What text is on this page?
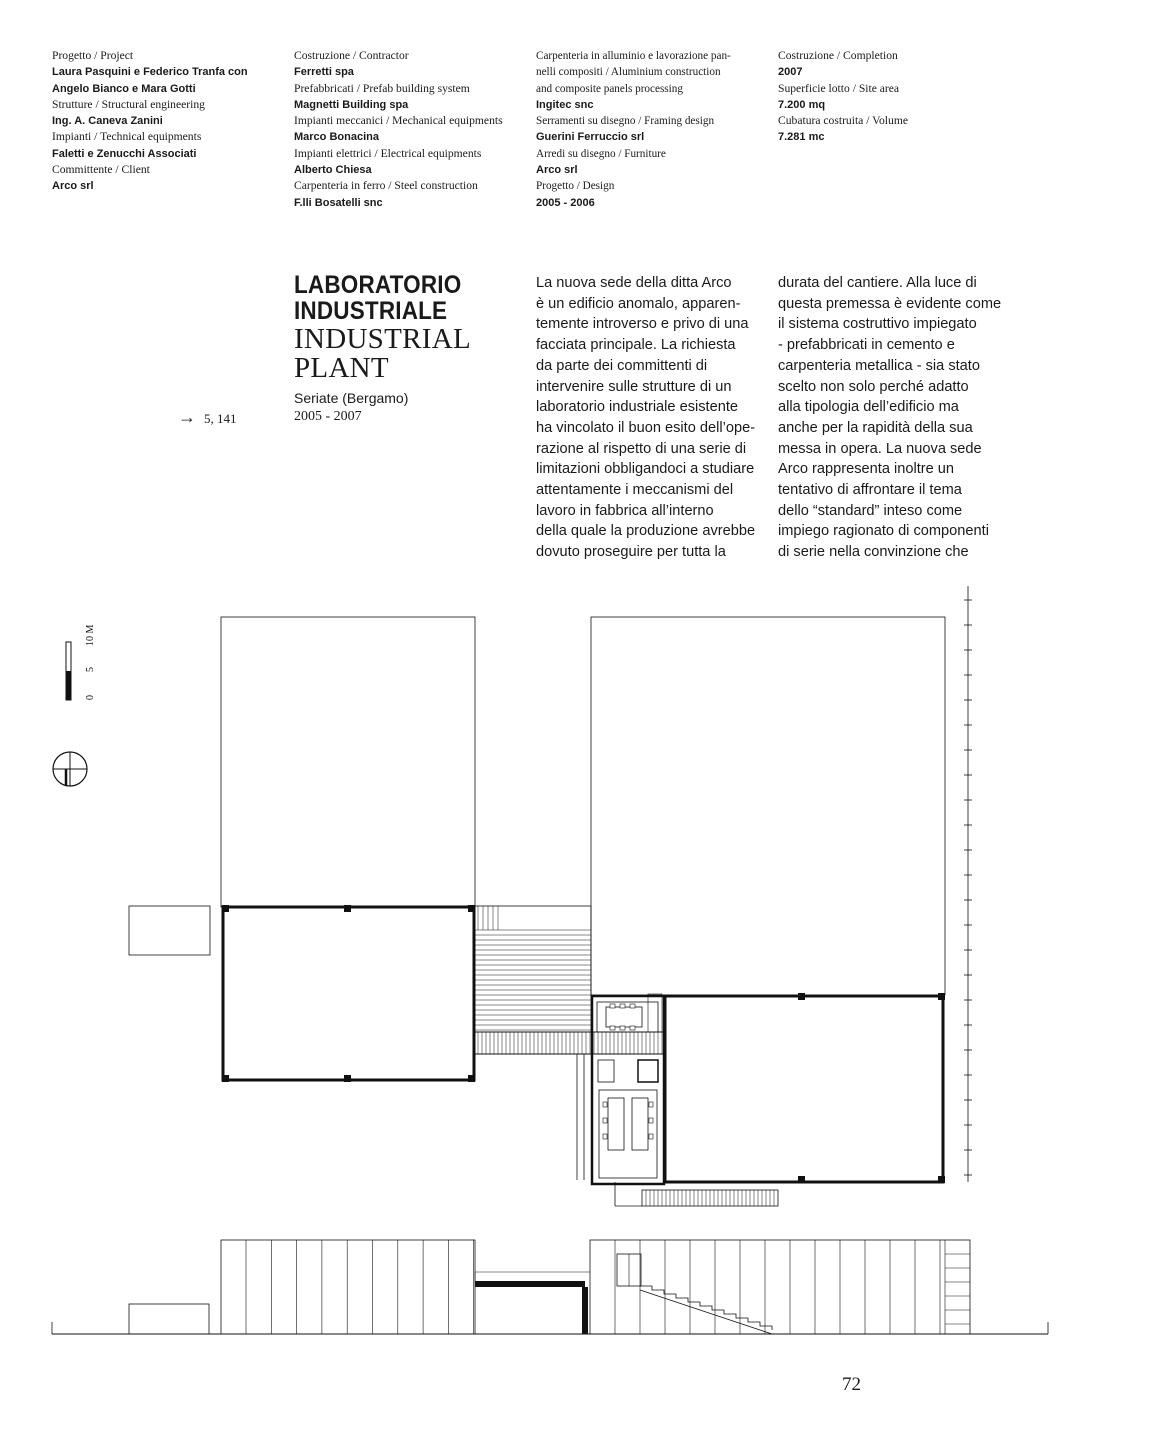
Progetto / Project
Laura Pasquini e Federico Tranfa con
Angelo Bianco e Mara Gotti
Strutture / Structural engineering
Ing. A. Caneva Zanini
Impianti / Technical equipments
Faletti e Zenucchi Associati
Committente / Client
Arco srl
Costruzione / Contractor
Ferretti spa
Prefabbricati / Prefab building system
Magnetti Building spa
Impianti meccanici / Mechanical equipments
Marco Bonacina
Impianti elettrici / Electrical equipments
Alberto Chiesa
Carpenteria in ferro / Steel construction
F.lli Bosatelli snc
Carpenteria in alluminio e lavorazione pan-
nelli compositi / Aluminium construction
and composite panels processing
Ingitec snc
Serramenti su disegno / Framing design
Guerini Ferruccio srl
Arredi su disegno / Furniture
Arco srl
Progetto / Design
2005 - 2006
Costruzione / Completion
2007
Superficie lotto / Site area
7.200 mq
Cubatura costruita / Volume
7.281 mc
LABORATORIO
INDUSTRIALE
INDUSTRIAL
PLANT
Seriate (Bergamo)
2005 - 2007
→ 5, 141
La nuova sede della ditta Arco
è un edificio anomalo, apparen-
temente introverso e privo di una
facciata principale. La richiesta
da parte dei committenti di
intervenire sulle strutture di un
laboratorio industriale esistente
ha vincolato il buon esito dell’ope-
razione al rispetto di una serie di
limitazioni obbligandoci a studiare
attentamente i meccanismi del
lavoro in fabbrica all’interno
della quale la produzione avrebbe
dovuto proseguire per tutta la
durata del cantiere. Alla luce di
questa premessa è evidente come
il sistema costruttivo impiegato
- prefabbricati in cemento e
carpenteria metallica - sia stato
scelto non solo perché adatto
alla tipologia dell’edificio ma
anche per la rapidità della sua
messa in opera. La nuova sede
Arco rappresenta inoltre un
tentativo di affrontare il tema
dello “standard” inteso come
impiego ragionato di componenti
di serie nella convinzione che
0
5
10 M
72
